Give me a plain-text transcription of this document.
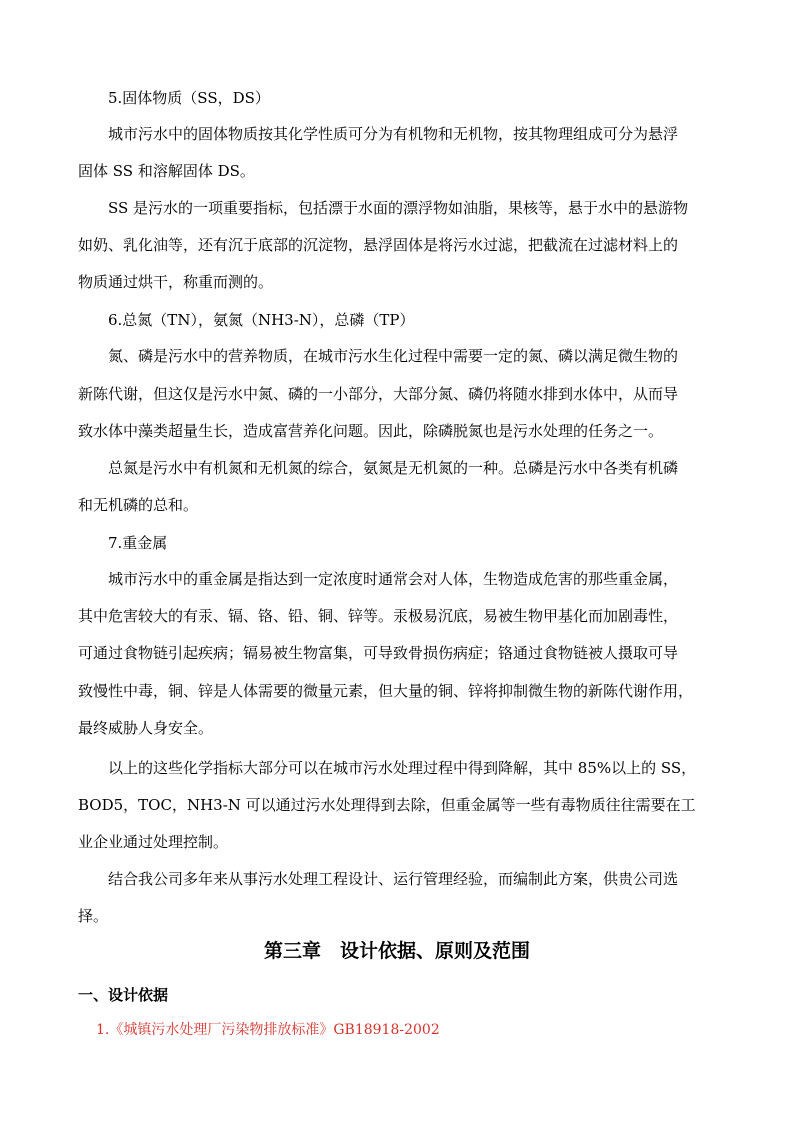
5.固体物质（SS，DS）
城市污水中的固体物质按其化学性质可分为有机物和无机物，按其物理组成可分为悬浮
固体 SS 和溶解固体 DS。
SS 是污水的一项重要指标，包括漂于水面的漂浮物如油脂，果核等，悬于水中的悬游物
如奶、乳化油等，还有沉于底部的沉淀物，悬浮固体是将污水过滤，把截流在过滤材料上的
物质通过烘干，称重而测的。
6.总氮（TN），氨氮（NH3-N），总磷（TP）
氮、磷是污水中的营养物质，在城市污水生化过程中需要一定的氮、磷以满足微生物的
新陈代谢，但这仅是污水中氮、磷的一小部分，大部分氮、磷仍将随水排到水体中，从而导
致水体中藻类超量生长，造成富营养化问题。因此，除磷脱氮也是污水处理的任务之一。
总氮是污水中有机氮和无机氮的综合，氨氮是无机氮的一种。总磷是污水中各类有机磷
和无机磷的总和。
7.重金属
城市污水中的重金属是指达到一定浓度时通常会对人体，生物造成危害的那些重金属，
其中危害较大的有汞、镉、铬、铅、铜、锌等。汞极易沉底，易被生物甲基化而加剧毒性，
可通过食物链引起疾病；镉易被生物富集，可导致骨损伤病症；铬通过食物链被人摄取可导
致慢性中毒，铜、锌是人体需要的微量元素，但大量的铜、锌将抑制微生物的新陈代谢作用，
最终威胁人身安全。
以上的这些化学指标大部分可以在城市污水处理过程中得到降解，其中 85%以上的 SS，
BOD5，TOC，NH3-N 可以通过污水处理得到去除，但重金属等一些有毒物质往往需要在工
业企业通过处理控制。
结合我公司多年来从事污水处理工程设计、运行管理经验，而编制此方案，供贵公司选
择。
第三章　设计依据、原则及范围
一、设计依据
1.《城镇污水处理厂污染物排放标准》GB18918-2002
